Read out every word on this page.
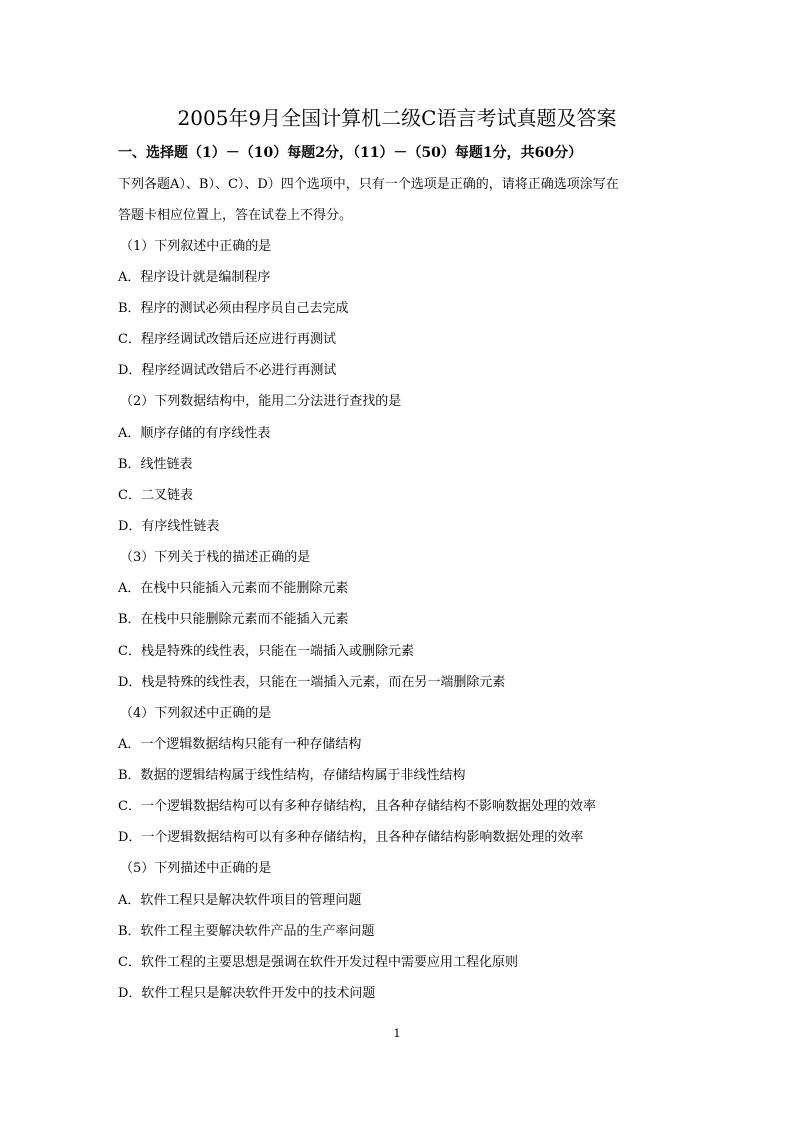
2005年9月全国计算机二级C语言考试真题及答案

一、选择题（1）－（10）每题2分，（11）－（50）每题1分，共60分）

下列各题A）、B）、C）、D）四个选项中，只有一个选项是正确的，请将正确选项涂写在

答题卡相应位置上，答在试卷上不得分。

（1）下列叙述中正确的是

A．程序设计就是编制程序

B．程序的测试必须由程序员自己去完成

C．程序经调试改错后还应进行再测试

D．程序经调试改错后不必进行再测试

（2）下列数据结构中，能用二分法进行查找的是

A．顺序存储的有序线性表

B．线性链表

C．二叉链表

D．有序线性链表

（3）下列关于栈的描述正确的是

A．在栈中只能插入元素而不能删除元素

B．在栈中只能删除元素而不能插入元素

C．栈是特殊的线性表，只能在一端插入或删除元素

D．栈是特殊的线性表，只能在一端插入元素，而在另一端删除元素

（4）下列叙述中正确的是

A．一个逻辑数据结构只能有一种存储结构

B．数据的逻辑结构属于线性结构，存储结构属于非线性结构

C．一个逻辑数据结构可以有多种存储结构，且各种存储结构不影响数据处理的效率

D．一个逻辑数据结构可以有多种存储结构，且各种存储结构影响数据处理的效率

（5）下列描述中正确的是

A．软件工程只是解决软件项目的管理问题

B．软件工程主要解决软件产品的生产率问题

C．软件工程的主要思想是强调在软件开发过程中需要应用工程化原则

D．软件工程只是解决软件开发中的技术问题

1
